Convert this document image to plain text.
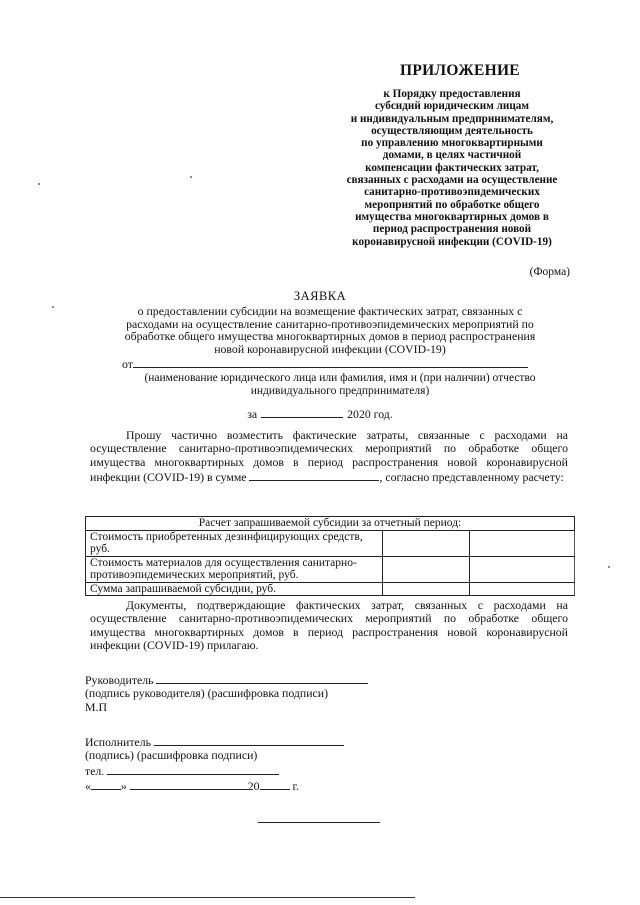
ПРИЛОЖЕНИЕ
к Порядку предоставления
субсидий юридическим лицам
и индивидуальным предпринимателям,
осуществляющим деятельность
по управлению многоквартирными
домами, в целях частичной
компенсации фактических затрат,
связанных с расходами на осуществление
санитарно-противоэпидемических
мероприятий по обработке общего
имущества многоквартирных домов в
период распространения новой
коронавирусной инфекции (COVID-19)
(Форма)
ЗАЯВКА
о предоставлении субсидии на возмещение фактических затрат, связанных с
расходами на осуществление санитарно-противоэпидемических мероприятий по
обработке общего имущества многоквартирных домов в период распространения
новой коронавирусной инфекции (COVID-19)
от
(наименование юридического лица или фамилия, имя и (при наличии) отчество
индивидуального предпринимателя)
за	2020 год.
Прошу частично возместить фактические затраты, связанные с расходами на осуществление санитарно-противоэпидемических мероприятий по обработке общего имущества многоквартирных домов в период распространения новой коронавирусной инфекции (COVID-19) в сумме	, согласно представленному расчету:
Расчет запрашиваемой субсидии за отчетный период:		
Стоимость приобретенных дезинфицирующих средств, руб.		
Стоимость материалов для осуществления санитарно-противоэпидемических мероприятий, руб.		
Сумма запрашиваемой субсидии, руб.		
Документы, подтверждающие фактических затрат, связанных с расходами на осуществление санитарно-противоэпидемических мероприятий по обработке общего имущества многоквартирных домов в период распространения новой коронавирусной инфекции (COVID-19) прилагаю.
Руководитель
(подпись руководителя) (расшифровка подписи)
М.П
Исполнитель
(подпись) (расшифровка подписи)
тел.
«	»	20	г.
